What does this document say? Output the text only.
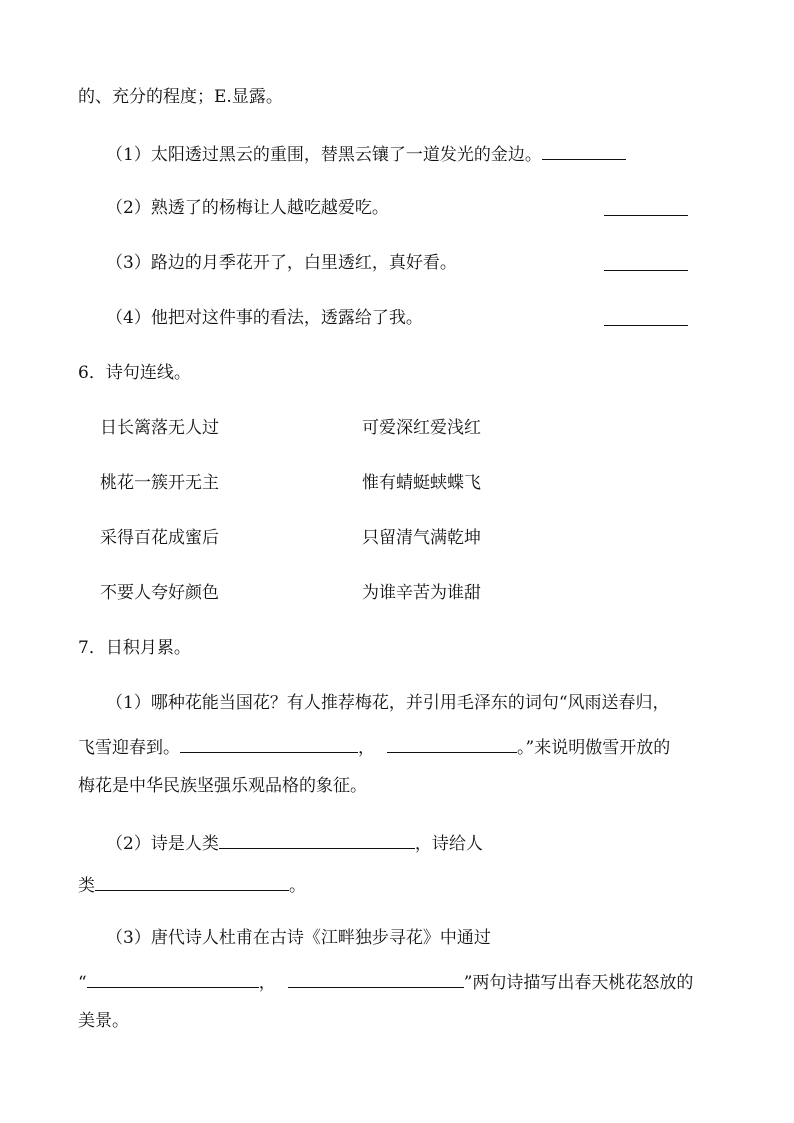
的、充分的程度；E.显露。
（1）太阳透过黑云的重围，替黑云镶了一道发光的金边。
（2）熟透了的杨梅让人越吃越爱吃。
（3）路边的月季花开了，白里透红，真好看。
（4）他把对这件事的看法，透露给了我。
6．诗句连线。
日长篱落无人过	可爱深红爱浅红
桃花一簇开无主	惟有蜻蜓蛱蝶飞
采得百花成蜜后	只留清气满乾坤
不要人夸好颜色	为谁辛苦为谁甜
7．日积月累。
（1）哪种花能当国花？有人推荐梅花，并引用毛泽东的词句“风雨送春归，
飞雪迎春到。	，	。”来说明傲雪开放的
梅花是中华民族坚强乐观品格的象征。
（2）诗是人类	，诗给人
类	。
（3）唐代诗人杜甫在古诗《江畔独步寻花》中通过
“	，	”两句诗描写出春天桃花怒放的
美景。
